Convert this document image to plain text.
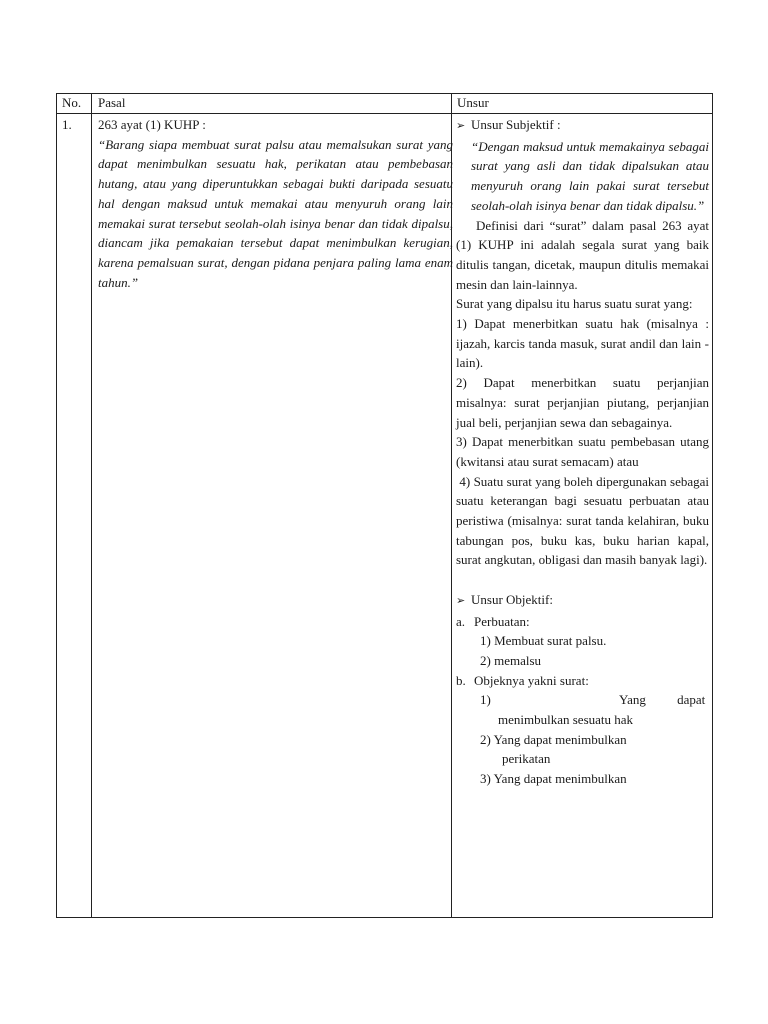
No. Pasal	Unsur
1. 263 ayat (1) KUHP :

“Barang siapa membuat surat palsu atau memalsukan surat yang dapat menimbulkan sesuatu hak, perikatan atau pembebasan hutang, atau yang diperuntukkan sebagai bukti daripada sesuatu hal dengan maksud untuk memakai atau menyuruh orang lain memakai surat tersebut seolah-olah isinya benar dan tidak dipalsu, diancam jika pemakaian tersebut dapat menimbulkan kerugian, karena pemalsuan surat, dengan pidana penjara paling lama enam tahun.”

➢ Unsur Subjektif :

“Dengan maksud untuk memakainya sebagai surat yang asli dan tidak dipalsukan atau menyuruh orang lain pakai surat tersebut seolah-olah isinya benar dan tidak dipalsu.”

Definisi dari “surat” dalam pasal 263 ayat (1) KUHP ini adalah segala surat yang baik ditulis tangan, dicetak, maupun ditulis memakai mesin dan lain-lainnya.

Surat yang dipalsu itu harus suatu surat yang:

1) Dapat menerbitkan suatu hak (misalnya : ijazah, karcis tanda masuk, surat andil dan lain -lain).

2) Dapat menerbitkan suatu perjanjian misalnya: surat perjanjian piutang, perjanjian jual beli, perjanjian sewa dan sebagainya.

3) Dapat menerbitkan suatu pembebasan utang (kwitansi atau surat semacam) atau

4) Suatu surat yang boleh dipergunakan sebagai suatu keterangan bagi sesuatu perbuatan atau peristiwa (misalnya: surat tanda kelahiran, buku tabungan pos, buku kas, buku harian kapal, surat angkutan, obligasi dan masih banyak lagi).

➢ Unsur Objektif:
a. Perbuatan:

1) Membuat surat palsu.

2) memalsu

b. Objeknya yakni surat:
1)	Yang dapat

menimbulkan sesuatu hak

2) Yang dapat menimbulkan

perikatan

3) Yang dapat menimbulkan
